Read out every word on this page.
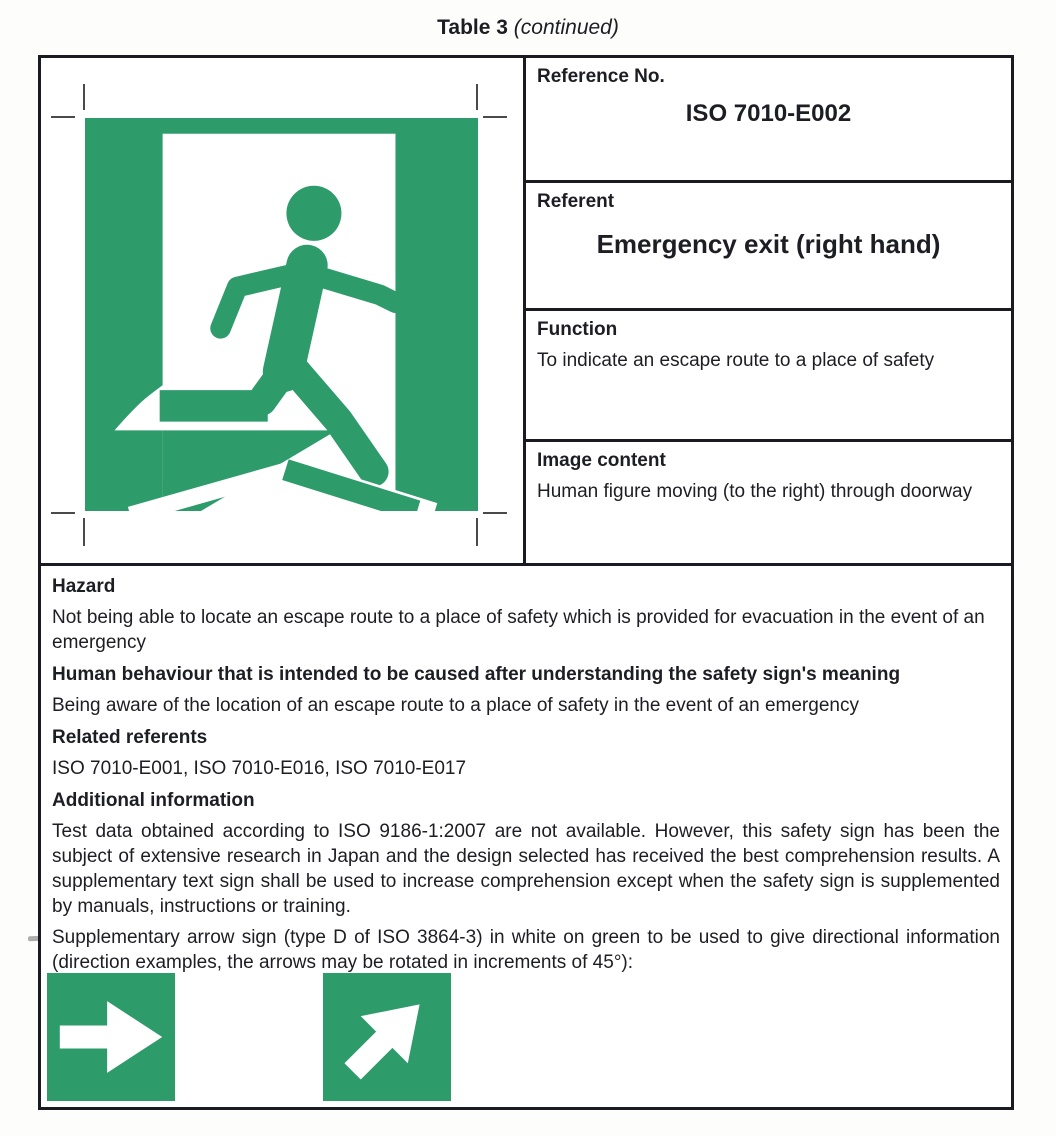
Table 3 (continued)
Reference No.
ISO 7010-E002
Referent
Emergency exit (right hand)
Function
To indicate an escape route to a place of safety
Image content
Human figure moving (to the right) through doorway
Hazard

Not being able to locate an escape route to a place of safety which is provided for evacuation in the event of an emergency

Human behaviour that is intended to be caused after understanding the safety sign's meaning

Being aware of the location of an escape route to a place of safety in the event of an emergency

Related referents

ISO 7010-E001, ISO 7010-E016, ISO 7010-E017

Additional information

Test data obtained according to ISO 9186-1:2007 are not available. However, this safety sign has been the subject of extensive research in Japan and the design selected has received the best comprehension results. A supplementary text sign shall be used to increase comprehension except when the safety sign is supplemented by manuals, instructions or training.

Supplementary arrow sign (type D of ISO 3864-3) in white on green to be used to give directional information (direction examples, the arrows may be rotated in increments of 45°):
